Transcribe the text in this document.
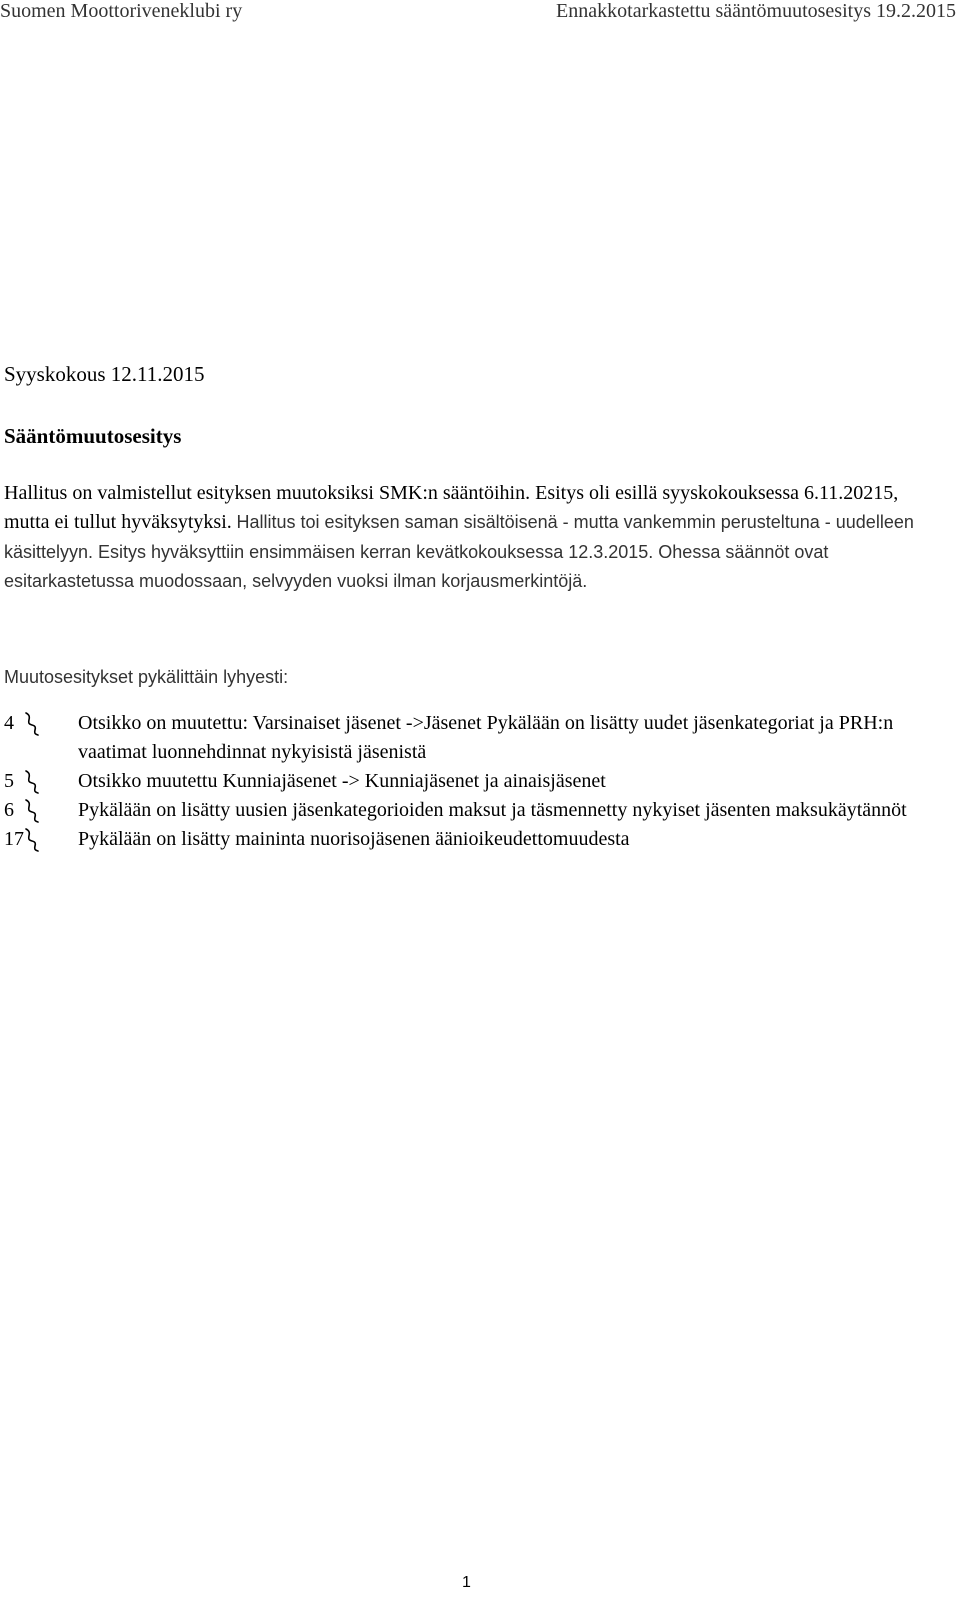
Suomen Moottoriveneklubi ry	Ennakkotarkastettu sääntömuutosesitys 19.2.2015
Syyskokous 12.11.2015
Sääntömuutosesitys
Hallitus on valmistellut esityksen muutoksiksi SMK:n sääntöihin. Esitys oli esillä syyskokouksessa 6.11.20215, mutta ei tullut hyväksytyksi. Hallitus toi esityksen saman sisältöisenä - mutta vankemmin perusteltuna - uudelleen käsittelyyn. Esitys hyväksyttiin ensimmäisen kerran kevätkokouksessa 12.3.2015. Ohessa säännöt ovat esitarkastetussa muodossaan, selvyyden vuoksi ilman korjausmerkintöjä.
Muutosesitykset pykälittäin lyhyesti:
4	Otsikko on muutettu: Varsinaiset jäsenet ->Jäsenet Pykälään on lisätty uudet jäsenkategoriat ja PRH:n vaatimat luonnehdinnat nykyisistä jäsenistä
5	Otsikko muutettu Kunniajäsenet -> Kunniajäsenet ja ainaisjäsenet
6	Pykälään on lisätty uusien jäsenkategorioiden maksut ja täsmennetty nykyiset jäsenten maksukäytännöt
17	Pykälään on lisätty maininta nuorisojäsenen äänioikeudettomuudesta
1
